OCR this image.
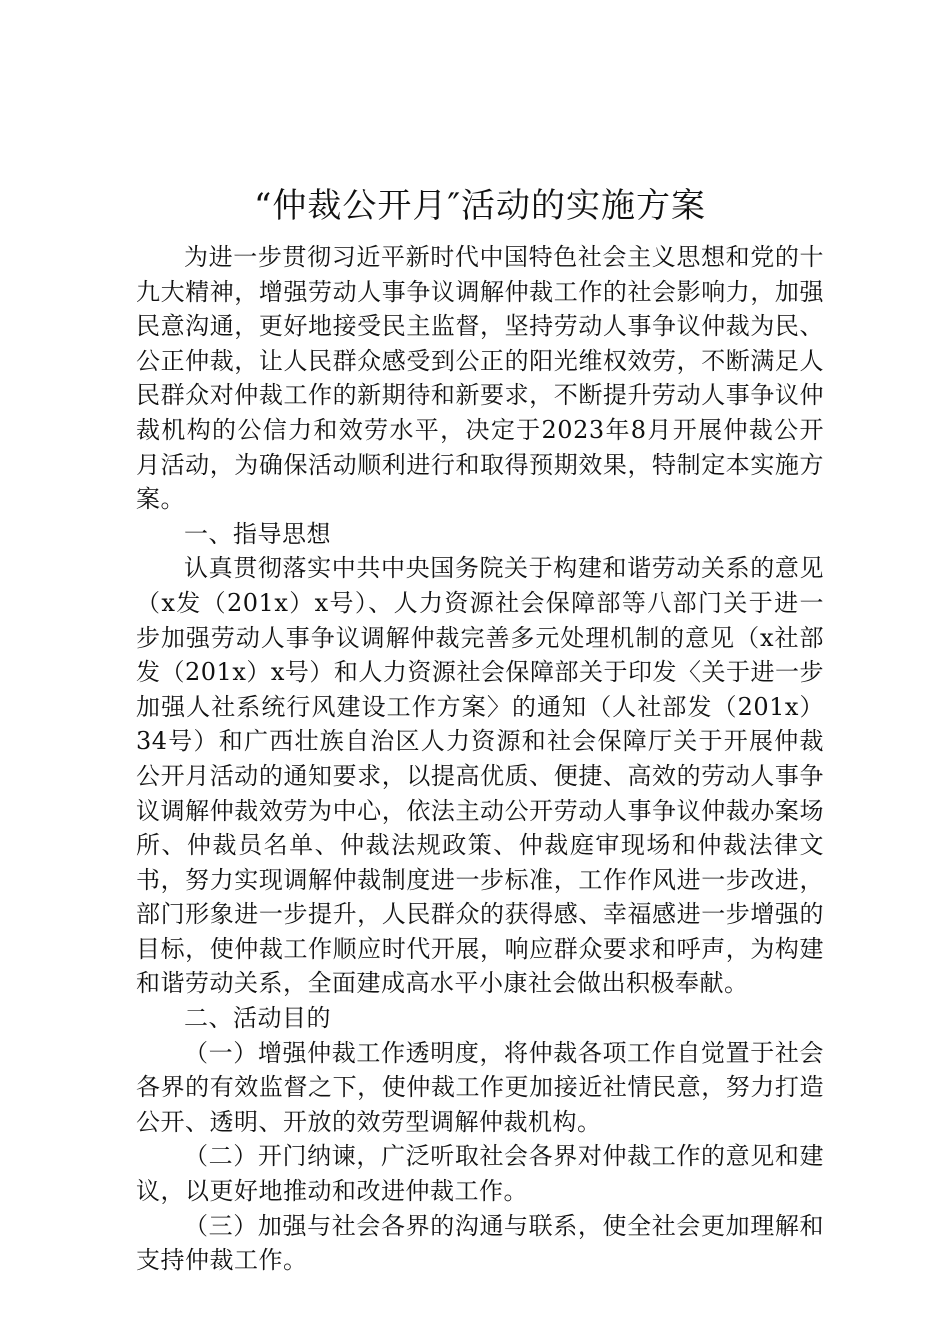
“仲裁公开月″活动的实施方案

为进一步贯彻习近平新时代中国特色社会主义思想和党的十九大精神，增强劳动人事争议调解仲裁工作的社会影响力，加强民意沟通，更好地接受民主监督，坚持劳动人事争议仲裁为民、公正仲裁，让人民群众感受到公正的阳光维权效劳，不断满足人民群众对仲裁工作的新期待和新要求，不断提升劳动人事争议仲裁机构的公信力和效劳水平，决定于2023年8月开展仲裁公开月活动，为确保活动顺利进行和取得预期效果，特制定本实施方案。

一、指导思想

认真贯彻落实中共中央国务院关于构建和谐劳动关系的意见（x发（201x）x号）、人力资源社会保障部等八部门关于进一步加强劳动人事争议调解仲裁完善多元处理机制的意见（x社部发（201x）x号）和人力资源社会保障部关于印发〈关于进一步加强人社系统行风建设工作方案〉的通知（人社部发（201x）34号）和广西壮族自治区人力资源和社会保障厅关于开展仲裁公开月活动的通知要求，以提高优质、便捷、高效的劳动人事争议调解仲裁效劳为中心，依法主动公开劳动人事争议仲裁办案场所、仲裁员名单、仲裁法规政策、仲裁庭审现场和仲裁法律文书，努力实现调解仲裁制度进一步标准，工作作风进一步改进，部门形象进一步提升，人民群众的获得感、幸福感进一步增强的目标，使仲裁工作顺应时代开展，响应群众要求和呼声，为构建和谐劳动关系，全面建成高水平小康社会做出积极奉献。

二、活动目的

（一）增强仲裁工作透明度，将仲裁各项工作自觉置于社会各界的有效监督之下，使仲裁工作更加接近社情民意，努力打造公开、透明、开放的效劳型调解仲裁机构。

（二）开门纳谏，广泛听取社会各界对仲裁工作的意见和建议，以更好地推动和改进仲裁工作。

（三）加强与社会各界的沟通与联系，使全社会更加理解和支持仲裁工作。
